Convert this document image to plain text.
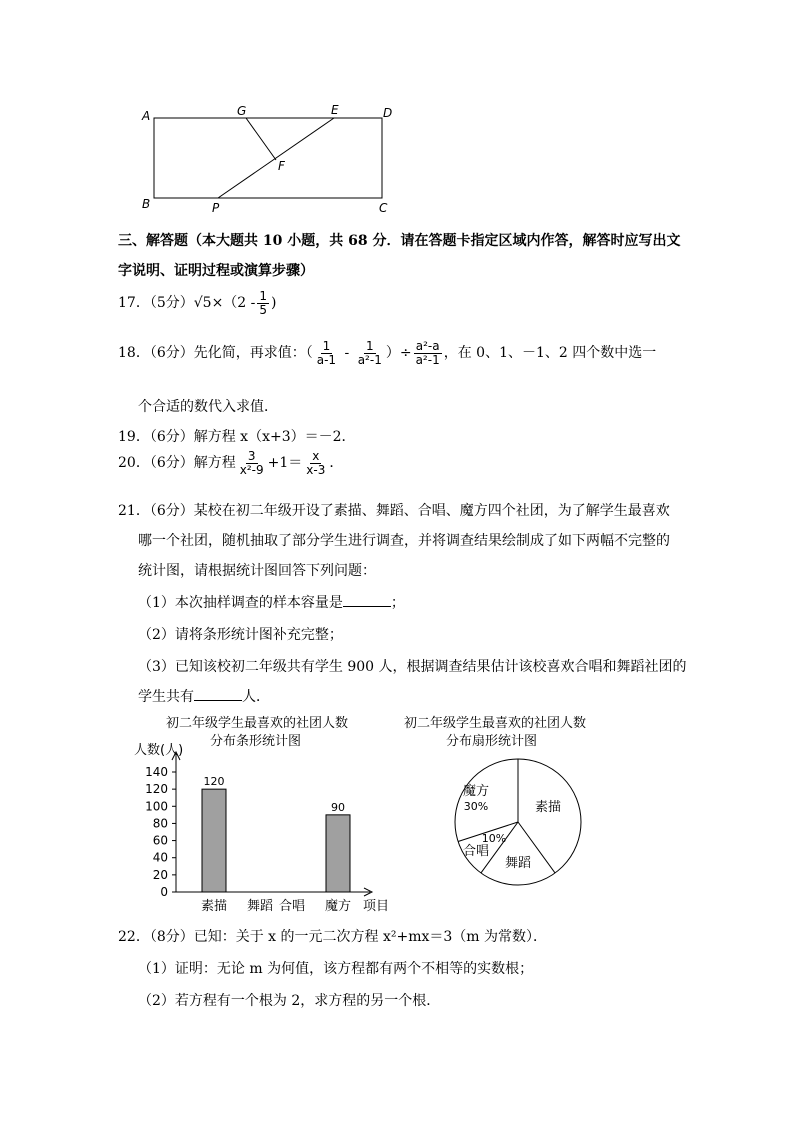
A	G	E	D
F
B	P	C
三、解答题（本大题共 10 小题，共 68 分．请在答题卡指定区域内作答，解答时应写出文
字说明、证明过程或演算步骤）
17．（5分）$√5\times(2 - \frac{1}{5}$ )
18．（6分）先化简，再求值：（ $\frac{1}{a-1} - \frac{1}{\text{a²-1}}$ ）÷ $\frac{\text{a²-a}}{\text{a²-1}}$ ，在 0、1、－1、2 四个数中选一
个合适的数代入求值．
19．（6分）解方程 x（x+3）＝－2．
20．（6分）解方程 $\frac{3}{\text{x²-9}} +1= \frac{x}{x-3}$ ．
21．（6分）某校在初二年级开设了素描、舞蹈、合唱、魔方四个社团，为了解学生最喜欢
哪一个社团，随机抽取了部分学生进行调查，并将调查结果绘制成了如下两幅不完整的
统计图，请根据统计图回答下列问题：
（1）本次抽样调查的样本容量是	；
（2）请将条形统计图补充完整；
（3）已知该校初二年级共有学生 900 人，根据调查结果估计该校喜欢合唱和舞蹈社团的
学生共有	人．
初二年级学生最喜欢的社团人数
分布条形统计图
人数(人)
140
120
100
80
60
40
20
0
120
素描 舞蹈 合唱
90
魔方 项目
初二年级学生最喜欢的社团人数
分布扇形统计图
素描
舞蹈
合唱
魔方
30%
10%
22．（8分）已知：关于 x 的一元二次方程 x²+mx＝3（m 为常数）．
（1）证明：无论 m 为何值，该方程都有两个不相等的实数根；
（2）若方程有一个根为 2，求方程的另一个根．
